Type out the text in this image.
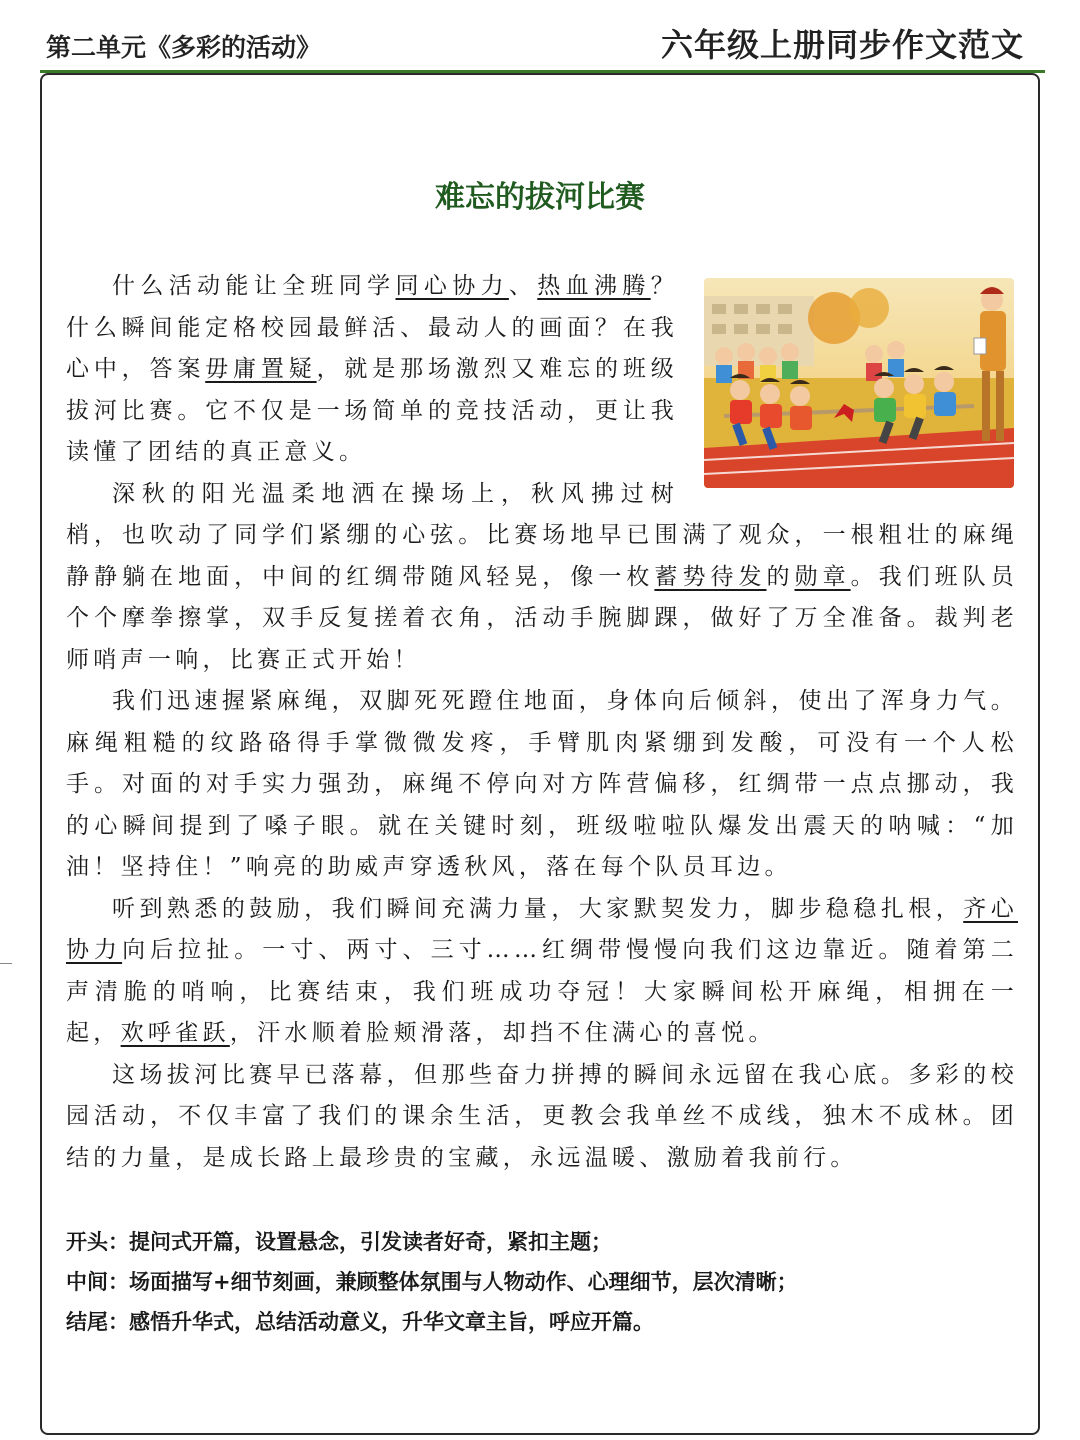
第二单元《多彩的活动》	六年级上册同步作文范文
难忘的拔河比赛

什么活动能让全班同学同心协力、热血沸腾？什么瞬间能定格校园最鲜活、最动人的画面？在我心中，答案毋庸置疑，就是那场激烈又难忘的班级拔河比赛。它不仅是一场简单的竞技活动，更让我读懂了团结的真正意义。

深秋的阳光温柔地洒在操场上，秋风拂过树梢，也吹动了同学们紧绷的心弦。比赛场地早已围满了观众，一根粗壮的麻绳静静躺在地面，中间的红绸带随风轻晃，像一枚蓄势待发的勋章。我们班队员个个摩拳擦掌，双手反复搓着衣角，活动手腕脚踝，做好了万全准备。裁判老师哨声一响，比赛正式开始！

我们迅速握紧麻绳，双脚死死蹬住地面，身体向后倾斜，使出了浑身力气。麻绳粗糙的纹路硌得手掌微微发疼，手臂肌肉紧绷到发酸，可没有一个人松手。对面的对手实力强劲，麻绳不停向对方阵营偏移，红绸带一点点挪动，我的心瞬间提到了嗓子眼。就在关键时刻，班级啦啦队爆发出震天的呐喊：“加油！坚持住！”响亮的助威声穿透秋风，落在每个队员耳边。

听到熟悉的鼓励，我们瞬间充满力量，大家默契发力，脚步稳稳扎根，齐心协力向后拉扯。一寸、两寸、三寸……红绸带慢慢向我们这边靠近。随着第二声清脆的哨响，比赛结束，我们班成功夺冠！大家瞬间松开麻绳，相拥在一起，欢呼雀跃，汗水顺着脸颊滑落，却挡不住满心的喜悦。

这场拔河比赛早已落幕，但那些奋力拼搏的瞬间永远留在我心底。多彩的校园活动，不仅丰富了我们的课余生活，更教会我单丝不成线，独木不成林。团结的力量，是成长路上最珍贵的宝藏，永远温暖、激励着我前行。

开头：提问式开篇，设置悬念，引发读者好奇，紧扣主题；
中间：场面描写+细节刻画，兼顾整体氛围与人物动作、心理细节，层次清晰；
结尾：感悟升华式，总结活动意义，升华文章主旨，呼应开篇。
